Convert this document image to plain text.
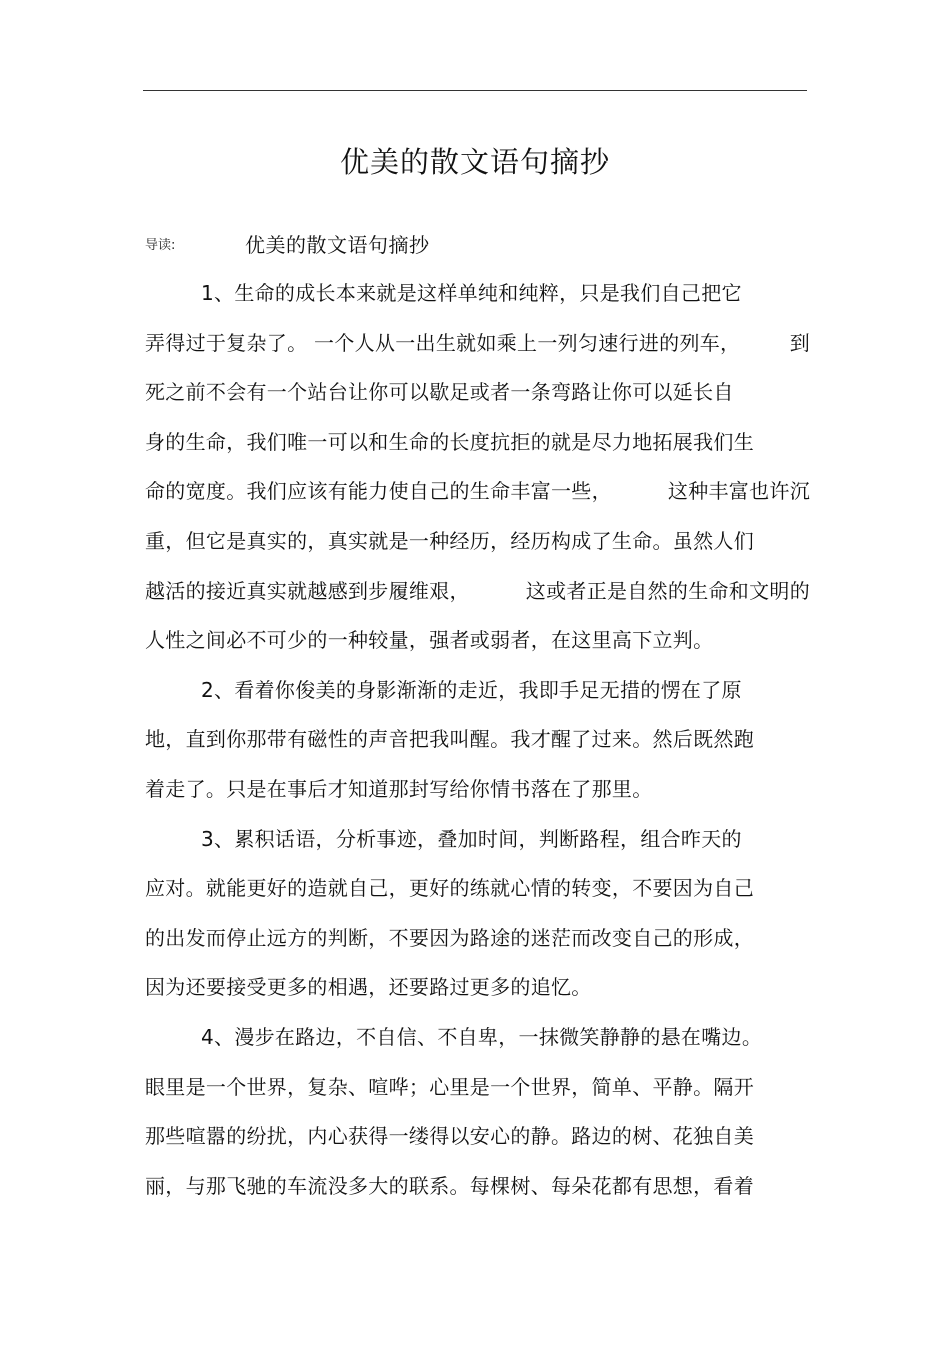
优美的散文语句摘抄
导读:	优美的散文语句摘抄
1、生命的成长本来就是这样单纯和纯粹，只是我们自己把它
弄得过于复杂了。 一个人从一出生就如乘上一列匀速行进的列车， 到
死之前不会有一个站台让你可以歇足或者一条弯路让你可以延长自
身的生命，我们唯一可以和生命的长度抗拒的就是尽力地拓展我们生
命的宽度。我们应该有能力使自己的生命丰富一些，	这种丰富也许沉
重，但它是真实的，真实就是一种经历，经历构成了生命。虽然人们
越活的接近真实就越感到步履维艰，	这或者正是自然的生命和文明的
人性之间必不可少的一种较量，强者或弱者，在这里高下立判。
2、看着你俊美的身影渐渐的走近，我即手足无措的愣在了原
地，直到你那带有磁性的声音把我叫醒。我才醒了过来。然后既然跑
着走了。只是在事后才知道那封写给你情书落在了那里。
3、累积话语，分析事迹，叠加时间，判断路程，组合昨天的
应对。就能更好的造就自己，更好的练就心情的转变，不要因为自己
的出发而停止远方的判断，不要因为路途的迷茫而改变自己的形成，
因为还要接受更多的相遇，还要路过更多的追忆。
4、漫步在路边，不自信、不自卑，一抹微笑静静的悬在嘴边。
眼里是一个世界，复杂、喧哗；心里是一个世界，简单、平静。隔开
那些喧嚣的纷扰，内心获得一缕得以安心的静。路边的树、花独自美
丽，与那飞驰的车流没多大的联系。每棵树、每朵花都有思想，看着
